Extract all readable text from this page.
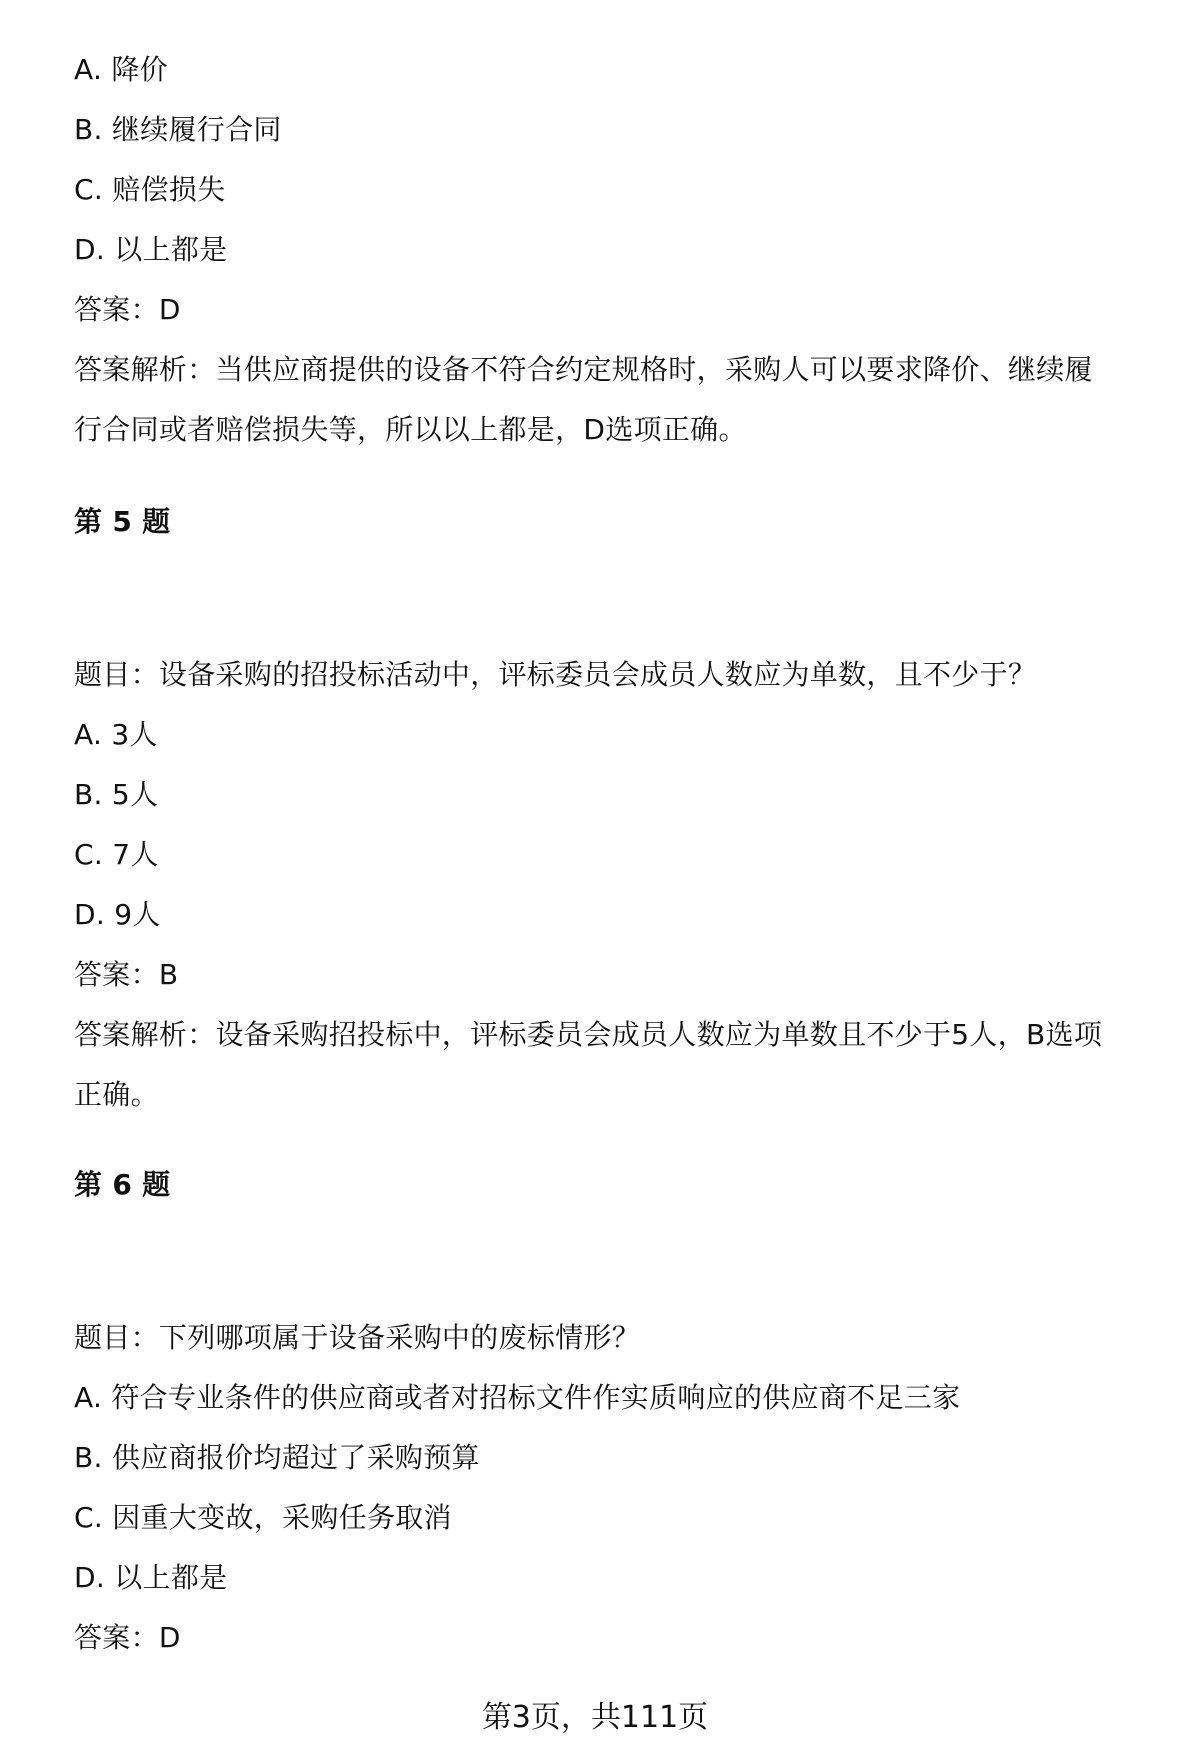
A. 降价
B. 继续履行合同
C. 赔偿损失
D. 以上都是
答案：D
答案解析：当供应商提供的设备不符合约定规格时，采购人可以要求降价、继续履
行合同或者赔偿损失等，所以以上都是，D选项正确。
第 5 题
题目：设备采购的招投标活动中，评标委员会成员人数应为单数，且不少于？
A. 3人
B. 5人
C. 7人
D. 9人
答案：B
答案解析：设备采购招投标中，评标委员会成员人数应为单数且不少于5人，B选项
正确。
第 6 题
题目：下列哪项属于设备采购中的废标情形？
A. 符合专业条件的供应商或者对招标文件作实质响应的供应商不足三家
B. 供应商报价均超过了采购预算
C. 因重大变故，采购任务取消
D. 以上都是
答案：D
第3页，共111页
